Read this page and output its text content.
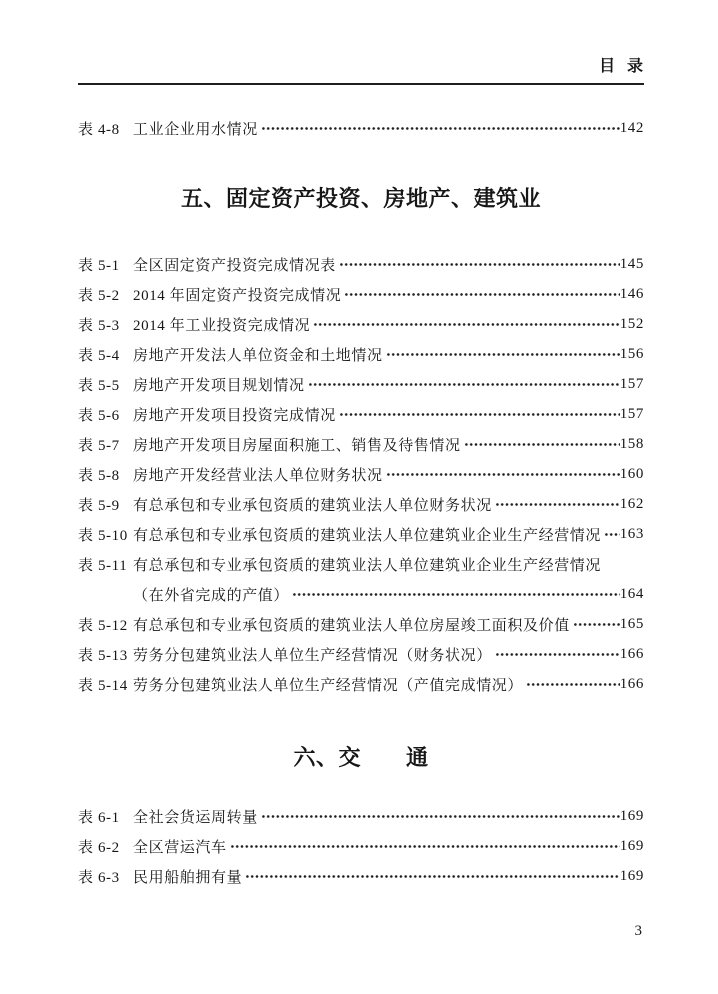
目  录
表 4-8 工业企业用水情况	142
五、固定资产投资、房地产、建筑业
表 5-1 全区固定资产投资完成情况表	145
表 5-2 2014 年固定资产投资完成情况	146
表 5-3 2014 年工业投资完成情况	152
表 5-4 房地产开发法人单位资金和土地情况	156
表 5-5 房地产开发项目规划情况	157
表 5-6 房地产开发项目投资完成情况	157
表 5-7 房地产开发项目房屋面积施工、销售及待售情况	158
表 5-8 房地产开发经营业法人单位财务状况	160
表 5-9 有总承包和专业承包资质的建筑业法人单位财务状况	162
表 5-10 有总承包和专业承包资质的建筑业法人单位建筑业企业生产经营情况 163
表 5-11 有总承包和专业承包资质的建筑业法人单位建筑业企业生产经营情况
（在外省完成的产值）	164
表 5-12 有总承包和专业承包资质的建筑业法人单位房屋竣工面积及价值	165
表 5-13 劳务分包建筑业法人单位生产经营情况（财务状况）	166
表 5-14 劳务分包建筑业法人单位生产经营情况（产值完成情况）	166
六、交　　通
表 6-1 全社会货运周转量	169
表 6-2 全区营运汽车	169
表 6-3 民用船舶拥有量	169
3
